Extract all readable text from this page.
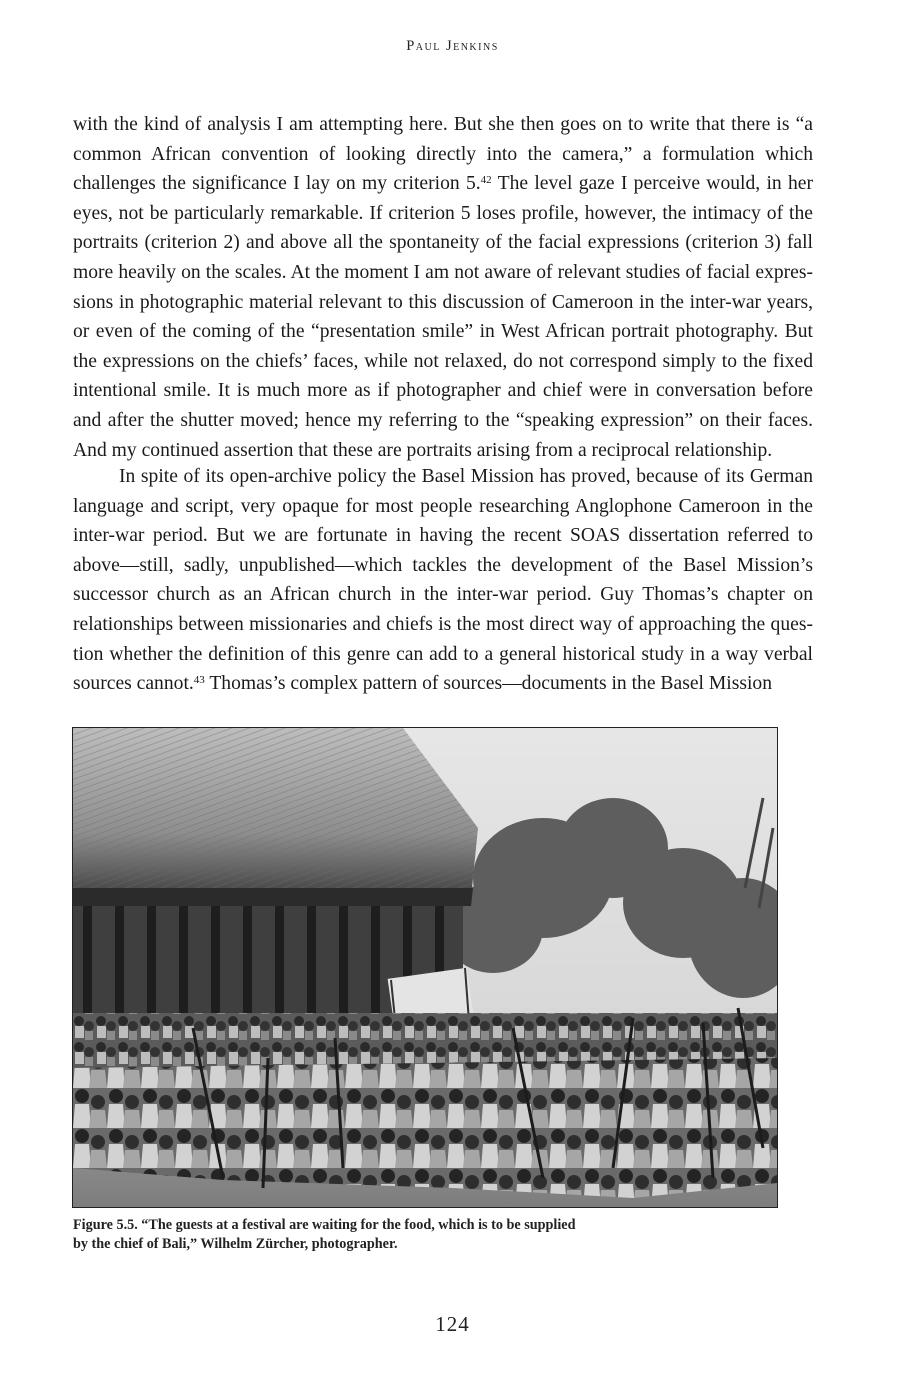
Paul Jenkins

with the kind of analysis I am attempting here. But she then goes on to write that there is “a common African convention of looking directly into the camera,” a formulation which challenges the significance I lay on my criterion 5.42 The level gaze I perceive would, in her eyes, not be particularly remarkable. If criterion 5 loses profile, however, the intimacy of the portraits (criterion 2) and above all the spontaneity of the facial expressions (criterion 3) fall more heavily on the scales. At the moment I am not aware of relevant studies of facial expressions in photographic material relevant to this discussion of Cameroon in the inter-war years, or even of the coming of the “presentation smile” in West African portrait photography. But the expressions on the chiefs’ faces, while not relaxed, do not correspond simply to the fixed intentional smile. It is much more as if photographer and chief were in conversation before and after the shutter moved; hence my referring to the “speaking expression” on their faces. And my continued assertion that these are portraits arising from a reciprocal relationship.

In spite of its open-archive policy the Basel Mission has proved, because of its German language and script, very opaque for most people researching Anglophone Cameroon in the inter-war period. But we are fortunate in having the recent SOAS dissertation referred to above—still, sadly, unpublished—which tackles the development of the Basel Mission’s successor church as an African church in the inter-war period. Guy Thomas’s chapter on relationships between missionaries and chiefs is the most direct way of approaching the question whether the definition of this genre can add to a general historical study in a way verbal sources cannot.$^{43}$ Thomas’s complex pattern of sources—documents in the Basel Mission

Figure 5.5. “The guests at a festival are waiting for the food, which is to be supplied by the chief of Bali,” Wilhelm Zürcher, photographer.

124
